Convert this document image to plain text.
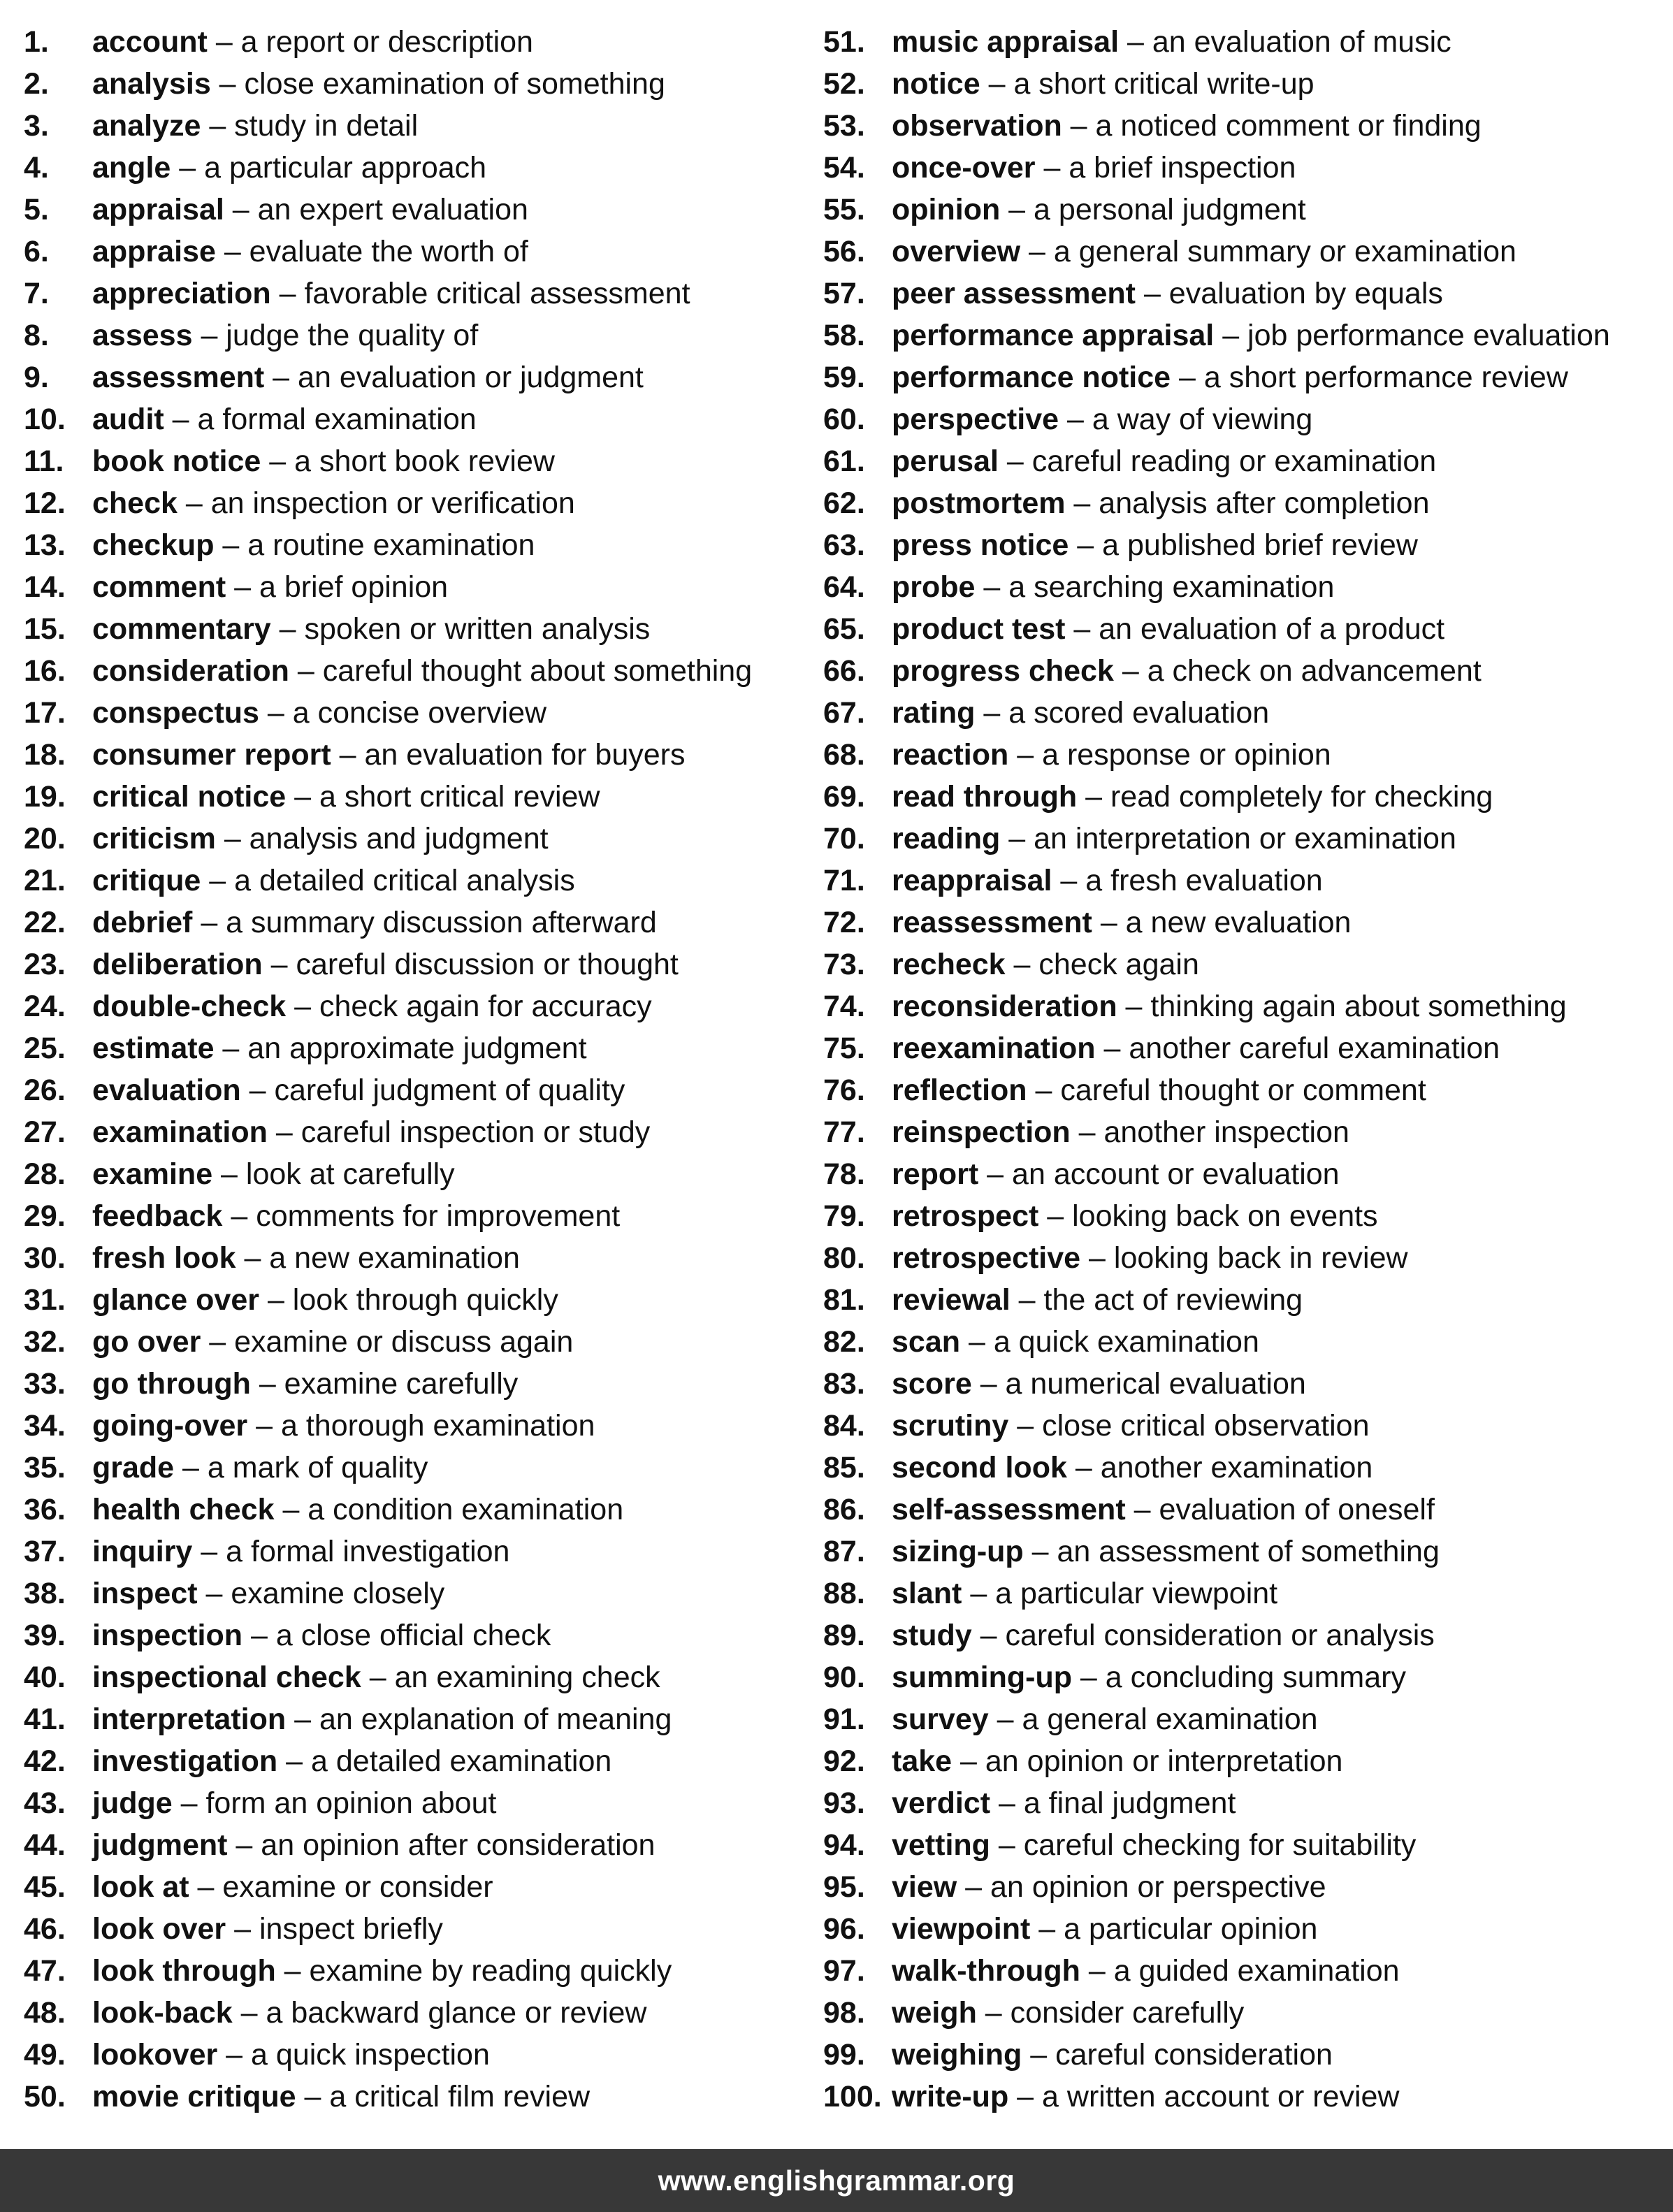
1. account – a report or description
2. analysis – close examination of something
3. analyze – study in detail
4. angle – a particular approach
5. appraisal – an expert evaluation
6. appraise – evaluate the worth of
7. appreciation – favorable critical assessment
8. assess – judge the quality of
9. assessment – an evaluation or judgment
10. audit – a formal examination
11. book notice – a short book review
12. check – an inspection or verification
13. checkup – a routine examination
14. comment – a brief opinion
15. commentary – spoken or written analysis
16. consideration – careful thought about something
17. conspectus – a concise overview
18. consumer report – an evaluation for buyers
19. critical notice – a short critical review
20. criticism – analysis and judgment
21. critique – a detailed critical analysis
22. debrief – a summary discussion afterward
23. deliberation – careful discussion or thought
24. double-check – check again for accuracy
25. estimate – an approximate judgment
26. evaluation – careful judgment of quality
27. examination – careful inspection or study
28. examine – look at carefully
29. feedback – comments for improvement
30. fresh look – a new examination
31. glance over – look through quickly
32. go over – examine or discuss again
33. go through – examine carefully
34. going-over – a thorough examination
35. grade – a mark of quality
36. health check – a condition examination
37. inquiry – a formal investigation
38. inspect – examine closely
39. inspection – a close official check
40. inspectional check – an examining check
41. interpretation – an explanation of meaning
42. investigation – a detailed examination
43. judge – form an opinion about
44. judgment – an opinion after consideration
45. look at – examine or consider
46. look over – inspect briefly
47. look through – examine by reading quickly
48. look-back – a backward glance or review
49. lookover – a quick inspection
50. movie critique – a critical film review
51. music appraisal – an evaluation of music
52. notice – a short critical write-up
53. observation – a noticed comment or finding
54. once-over – a brief inspection
55. opinion – a personal judgment
56. overview – a general summary or examination
57. peer assessment – evaluation by equals
58. performance appraisal – job performance evaluation
59. performance notice – a short performance review
60. perspective – a way of viewing
61. perusal – careful reading or examination
62. postmortem – analysis after completion
63. press notice – a published brief review
64. probe – a searching examination
65. product test – an evaluation of a product
66. progress check – a check on advancement
67. rating – a scored evaluation
68. reaction – a response or opinion
69. read through – read completely for checking
70. reading – an interpretation or examination
71. reappraisal – a fresh evaluation
72. reassessment – a new evaluation
73. recheck – check again
74. reconsideration – thinking again about something
75. reexamination – another careful examination
76. reflection – careful thought or comment
77. reinspection – another inspection
78. report – an account or evaluation
79. retrospect – looking back on events
80. retrospective – looking back in review
81. reviewal – the act of reviewing
82. scan – a quick examination
83. score – a numerical evaluation
84. scrutiny – close critical observation
85. second look – another examination
86. self-assessment – evaluation of oneself
87. sizing-up – an assessment of something
88. slant – a particular viewpoint
89. study – careful consideration or analysis
90. summing-up – a concluding summary
91. survey – a general examination
92. take – an opinion or interpretation
93. verdict – a final judgment
94. vetting – careful checking for suitability
95. view – an opinion or perspective
96. viewpoint – a particular opinion
97. walk-through – a guided examination
98. weigh – consider carefully
99. weighing – careful consideration
100. write-up – a written account or review
www.englishgrammar.org
